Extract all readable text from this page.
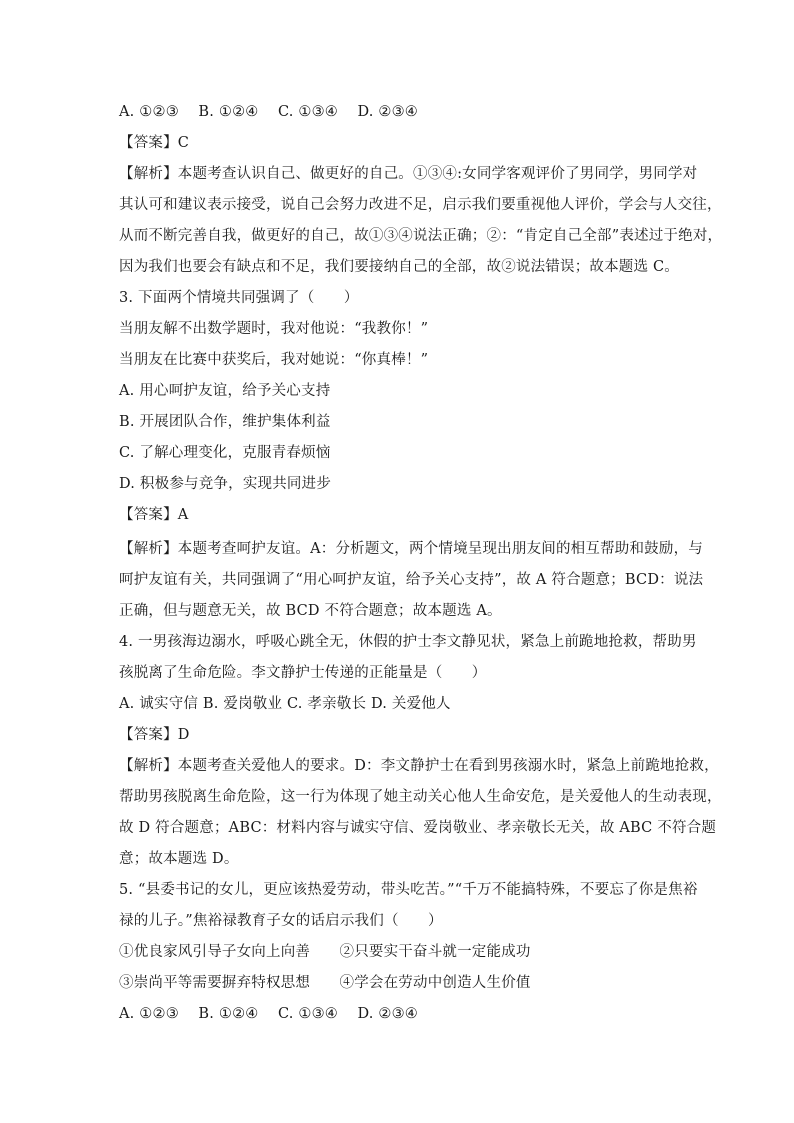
A. ①②③　 B. ①②④　 C. ①③④　 D. ②③④
【答案】C
【解析】本题考查认识自己、做更好的自己。①③④:女同学客观评价了男同学，男同学对
其认可和建议表示接受，说自己会努力改进不足，启示我们要重视他人评价，学会与人交往，
从而不断完善自我，做更好的自己，故①③④说法正确；②：“肯定自己全部”表述过于绝对，
因为我们也要会有缺点和不足，我们要接纳自己的全部，故②说法错误；故本题选 C。
3. 下面两个情境共同强调了（　　）
当朋友解不出数学题时，我对他说：“我教你！”
当朋友在比赛中获奖后，我对她说：“你真棒！”
A. 用心呵护友谊，给予关心支持
B. 开展团队合作，维护集体利益
C. 了解心理变化，克服青春烦恼
D. 积极参与竞争，实现共同进步
【答案】A
【解析】本题考查呵护友谊。A：分析题文，两个情境呈现出朋友间的相互帮助和鼓励，与
呵护友谊有关，共同强调了“用心呵护友谊，给予关心支持”，故 A 符合题意；BCD：说法
正确，但与题意无关，故 BCD 不符合题意；故本题选 A。
4. 一男孩海边溺水，呼吸心跳全无，休假的护士李文静见状，紧急上前跪地抢救，帮助男
孩脱离了生命危险。李文静护士传递的正能量是（　　）
A. 诚实守信 B. 爱岗敬业 C. 孝亲敬长 D. 关爱他人
【答案】D
【解析】本题考查关爱他人的要求。D：李文静护士在看到男孩溺水时，紧急上前跪地抢救，
帮助男孩脱离生命危险，这一行为体现了她主动关心他人生命安危，是关爱他人的生动表现，
故 D 符合题意；ABC：材料内容与诚实守信、爱岗敬业、孝亲敬长无关，故 ABC 不符合题
意；故本题选 D。
5. “县委书记的女儿，更应该热爱劳动，带头吃苦。”“千万不能搞特殊，不要忘了你是焦裕
禄的儿子。”焦裕禄教育子女的话启示我们（　　）
①优良家风引导子女向上向善　　②只要实干奋斗就一定能成功
③崇尚平等需要摒弃特权思想　　④学会在劳动中创造人生价值
A. ①②③　 B. ①②④　 C. ①③④　 D. ②③④
